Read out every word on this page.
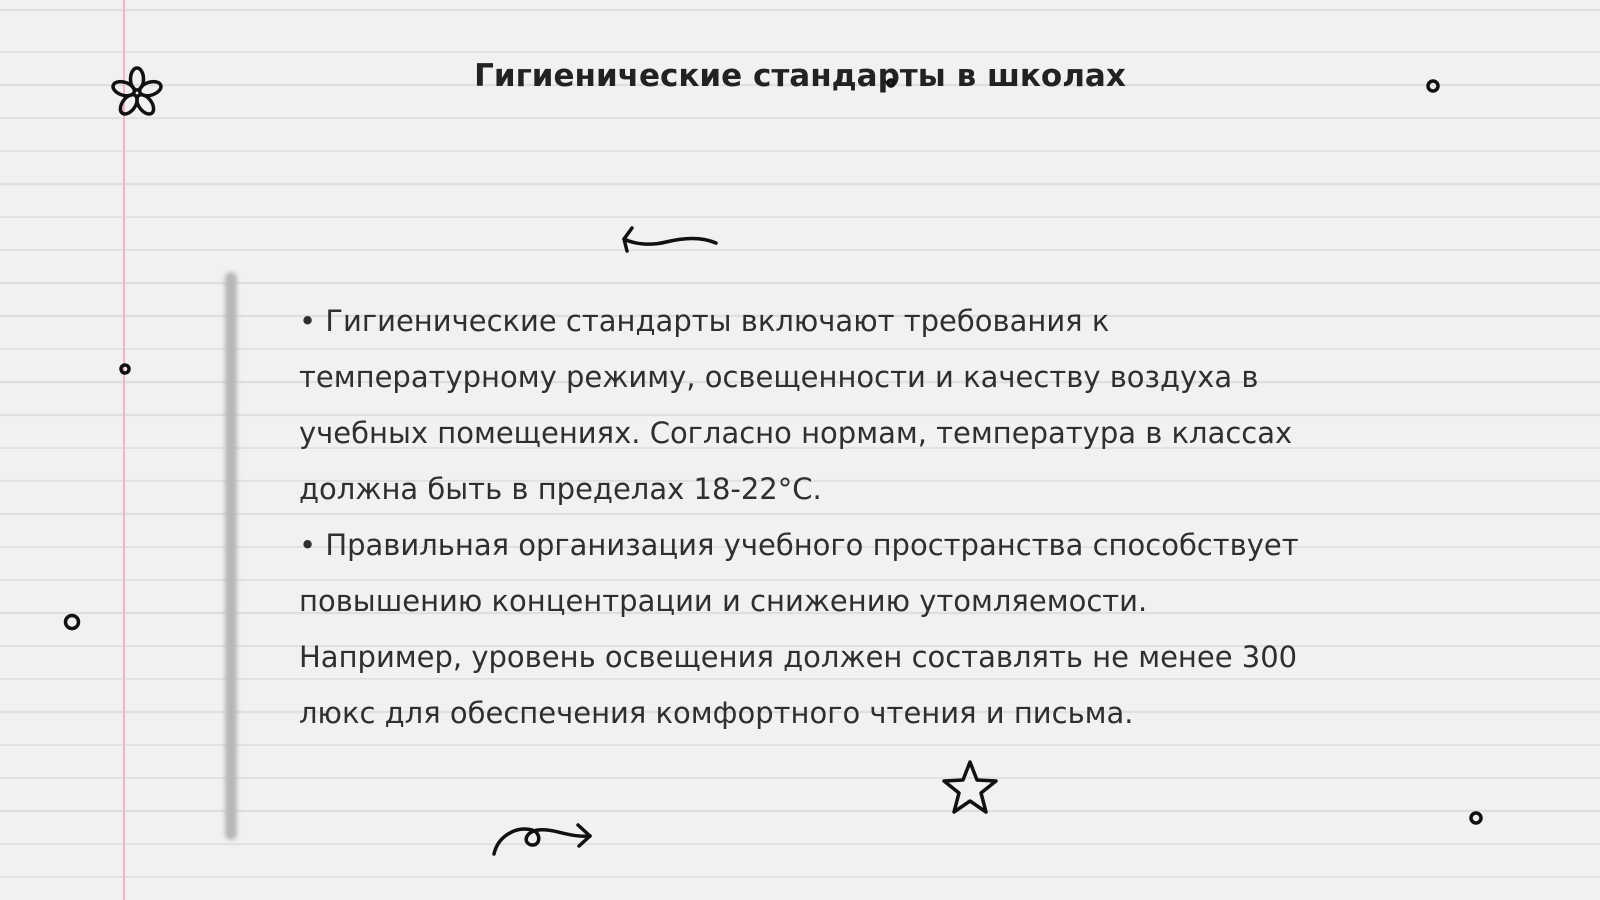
Гигиенические стандарты в школах

• Гигиенические стандарты включают требования к температурному режиму, освещенности и качеству воздуха в учебных помещениях. Согласно нормам, температура в классах должна быть в пределах 18-22°C.

• Правильная организация учебного пространства способствует повышению концентрации и снижению утомляемости. Например, уровень освещения должен составлять не менее 300 люкс для обеспечения комфортного чтения и письма.
